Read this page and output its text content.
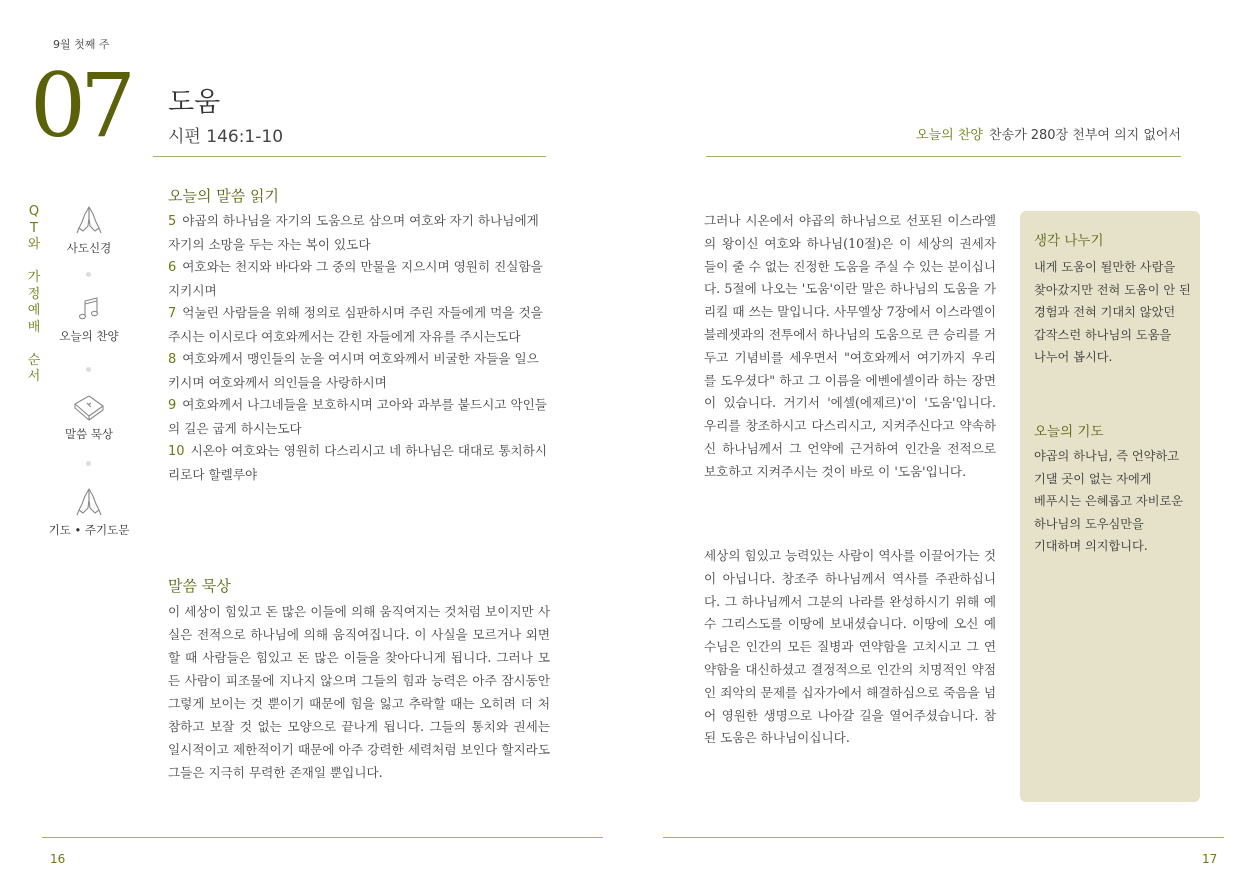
9월 첫째 주
07 도움
시편 146:1-10	오늘의 찬양 찬송가 280장 천부여 의지 없어서
Q
T
와

가
정
예
배

순
서
사도신경
오늘의 찬양
말씀 묵상
기도 • 주기도문
오늘의 말씀 읽기

5 야곱의 하나님을 자기의 도움으로 삼으며 여호와 자기 하나님에게 자기의 소망을 두는 자는 복이 있도다

6 여호와는 천지와 바다와 그 중의 만물을 지으시며 영원히 진실함을 지키시며

7 억눌린 사람들을 위해 정의로 심판하시며 주린 자들에게 먹을 것을 주시는 이시로다 여호와께서는 갇힌 자들에게 자유를 주시는도다

8 여호와께서 맹인들의 눈을 여시며 여호와께서 비굴한 자들을 일으키시며 여호와께서 의인들을 사랑하시며

9 여호와께서 나그네들을 보호하시며 고아와 과부를 붙드시고 악인들의 길은 굽게 하시는도다

10 시온아 여호와는 영원히 다스리시고 네 하나님은 대대로 통치하시리로다 할렐루야

말씀 묵상
이 세상이 힘있고 돈 많은 이들에 의해 움직여지는 것처럼 보이지만 사실은 전적으로 하나님에 의해 움직여집니다. 이 사실을 모르거나 외면할 때 사람들은 힘있고 돈 많은 이들을 찾아다니게 됩니다. 그러나 모든 사람이 피조물에 지나지 않으며 그들의 힘과 능력은 아주 잠시동안 그렇게 보이는 것 뿐이기 때문에 힘을 잃고 추락할 때는 오히려 더 처참하고 보잘 것 없는 모양으로 끝나게 됩니다. 그들의 통치와 권세는 일시적이고 제한적이기 때문에 아주 강력한 세력처럼 보인다 할지라도 그들은 지극히 무력한 존재일 뿐입니다.

그러나 시온에서 야곱의 하나님으로 선포된 이스라엘의 왕이신 여호와 하나님(10절)은 이 세상의 권세자들이 줄 수 없는 진정한 도움을 주실 수 있는 분이십니다. 5절에 나오는 '도움'이란 말은 하나님의 도움을 가리킬 때 쓰는 말입니다. 사무엘상 7장에서 이스라엘이 블레셋과의 전투에서 하나님의 도움으로 큰 승리를 거두고 기념비를 세우면서 "여호와께서 여기까지 우리를 도우셨다" 하고 그 이름을 에벤에셀이라 하는 장면이 있습니다. 거기서 '에셀(에제르)'이 '도움'입니다. 우리를 창조하시고 다스리시고, 지켜주신다고 약속하신 하나님께서 그 언약에 근거하여 인간을 전적으로 보호하고 지켜주시는 것이 바로 이 '도움'입니다.

세상의 힘있고 능력있는 사람이 역사를 이끌어가는 것이 아닙니다. 창조주 하나님께서 역사를 주관하십니다. 그 하나님께서 그분의 나라를 완성하시기 위해 예수 그리스도를 이땅에 보내셨습니다. 이땅에 오신 예수님은 인간의 모든 질병과 연약함을 고치시고 그 연약함을 대신하셨고 결정적으로 인간의 치명적인 약점인 죄악의 문제를 십자가에서 해결하심으로 죽음을 넘어 영원한 생명으로 나아갈 길을 열어주셨습니다. 참된 도움은 하나님이십니다.

생각 나누기
내게 도움이 될만한 사람을 찾아갔지만 전혀 도움이 안 된 경험과 전혀 기대치 않았던 갑작스런 하나님의 도움을 나누어 봅시다.
오늘의 기도
야곱의 하나님, 즉 언약하고 기댈 곳이 없는 자에게 베푸시는 은혜롭고 자비로운 하나님의 도우심만을 기대하며 의지합니다.
16	17
